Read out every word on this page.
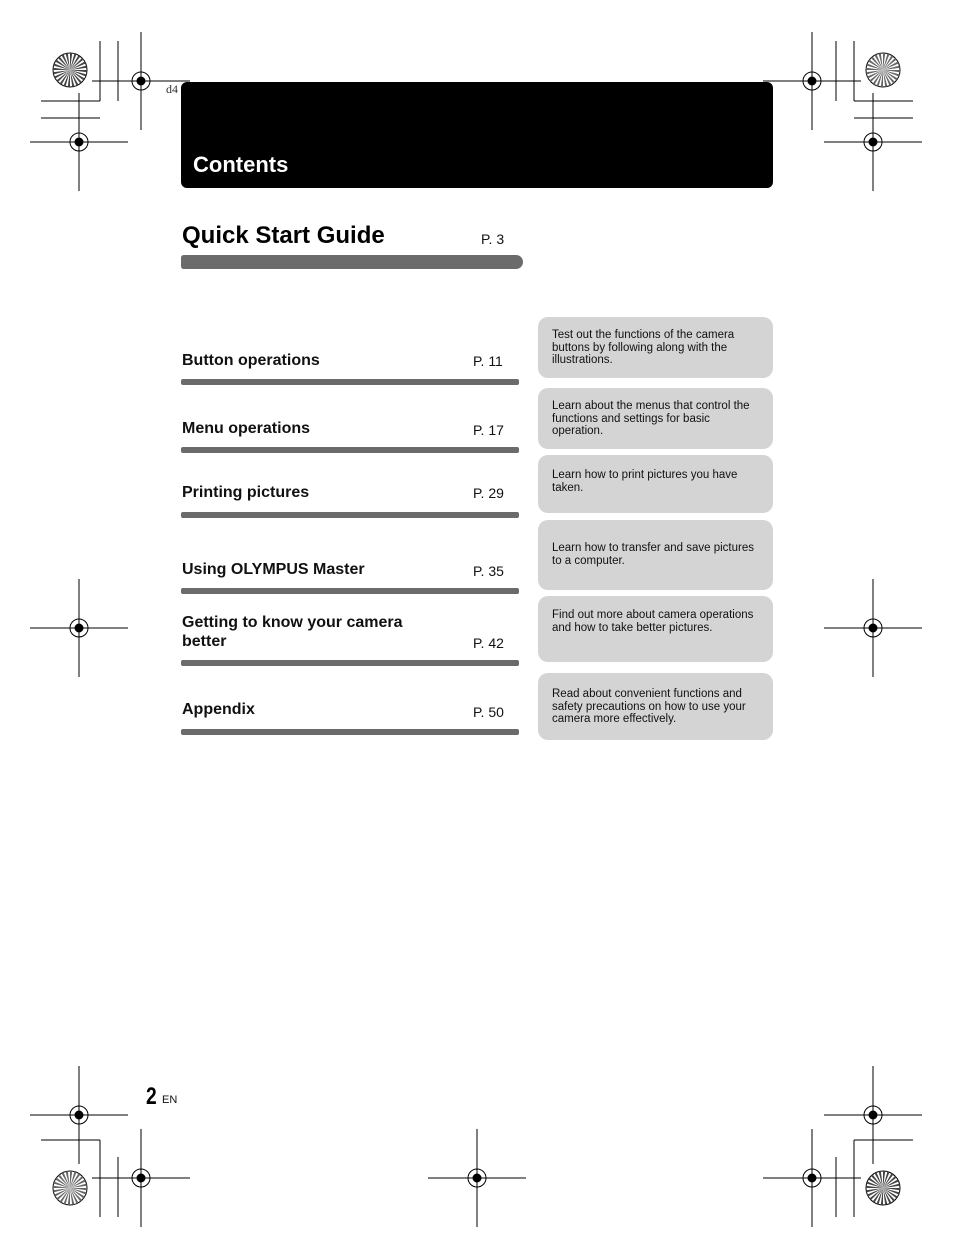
d4
Contents
Quick Start Guide	P. 3
Button operations	P. 11
Test out the functions of the camera buttons by following along with the illustrations.
Menu operations	P. 17
Learn about the menus that control the functions and settings for basic operation.
Printing pictures	P. 29
Learn how to print pictures you have taken.
Using OLYMPUS Master	P. 35
Learn how to transfer and save pictures to a computer.
Getting to know your camera better	P. 42
Find out more about camera operations and how to take better pictures.
Appendix	P. 50
Read about convenient functions and safety precautions on how to use your camera more effectively.
2 EN
